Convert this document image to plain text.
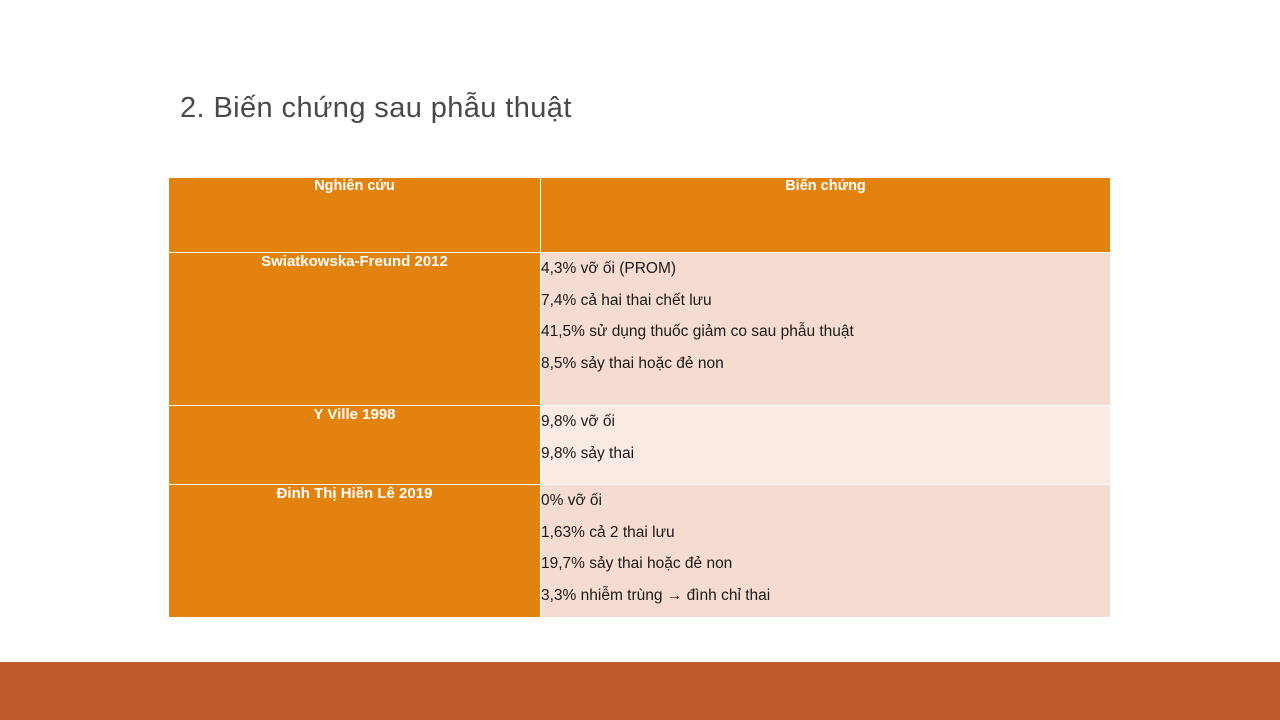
2. Biến chứng sau phẫu thuật
Nghiên cứu	Biến chứng
Swiatkowska-Freund 2012	4,3% vỡ ối (PROM)
7,4% cả hai thai chết lưu
41,5% sử dụng thuốc giảm co sau phẫu thuật
8,5% sảy thai hoặc đẻ non

Y Ville 1998	9,8% vỡ ối
9,8% sảy thai

Đinh Thị Hiền Lê 2019	0% vỡ ối
1,63% cả 2 thai lưu
19,7% sảy thai hoặc đẻ non
3,3% nhiễm trùng → đình chỉ thai
